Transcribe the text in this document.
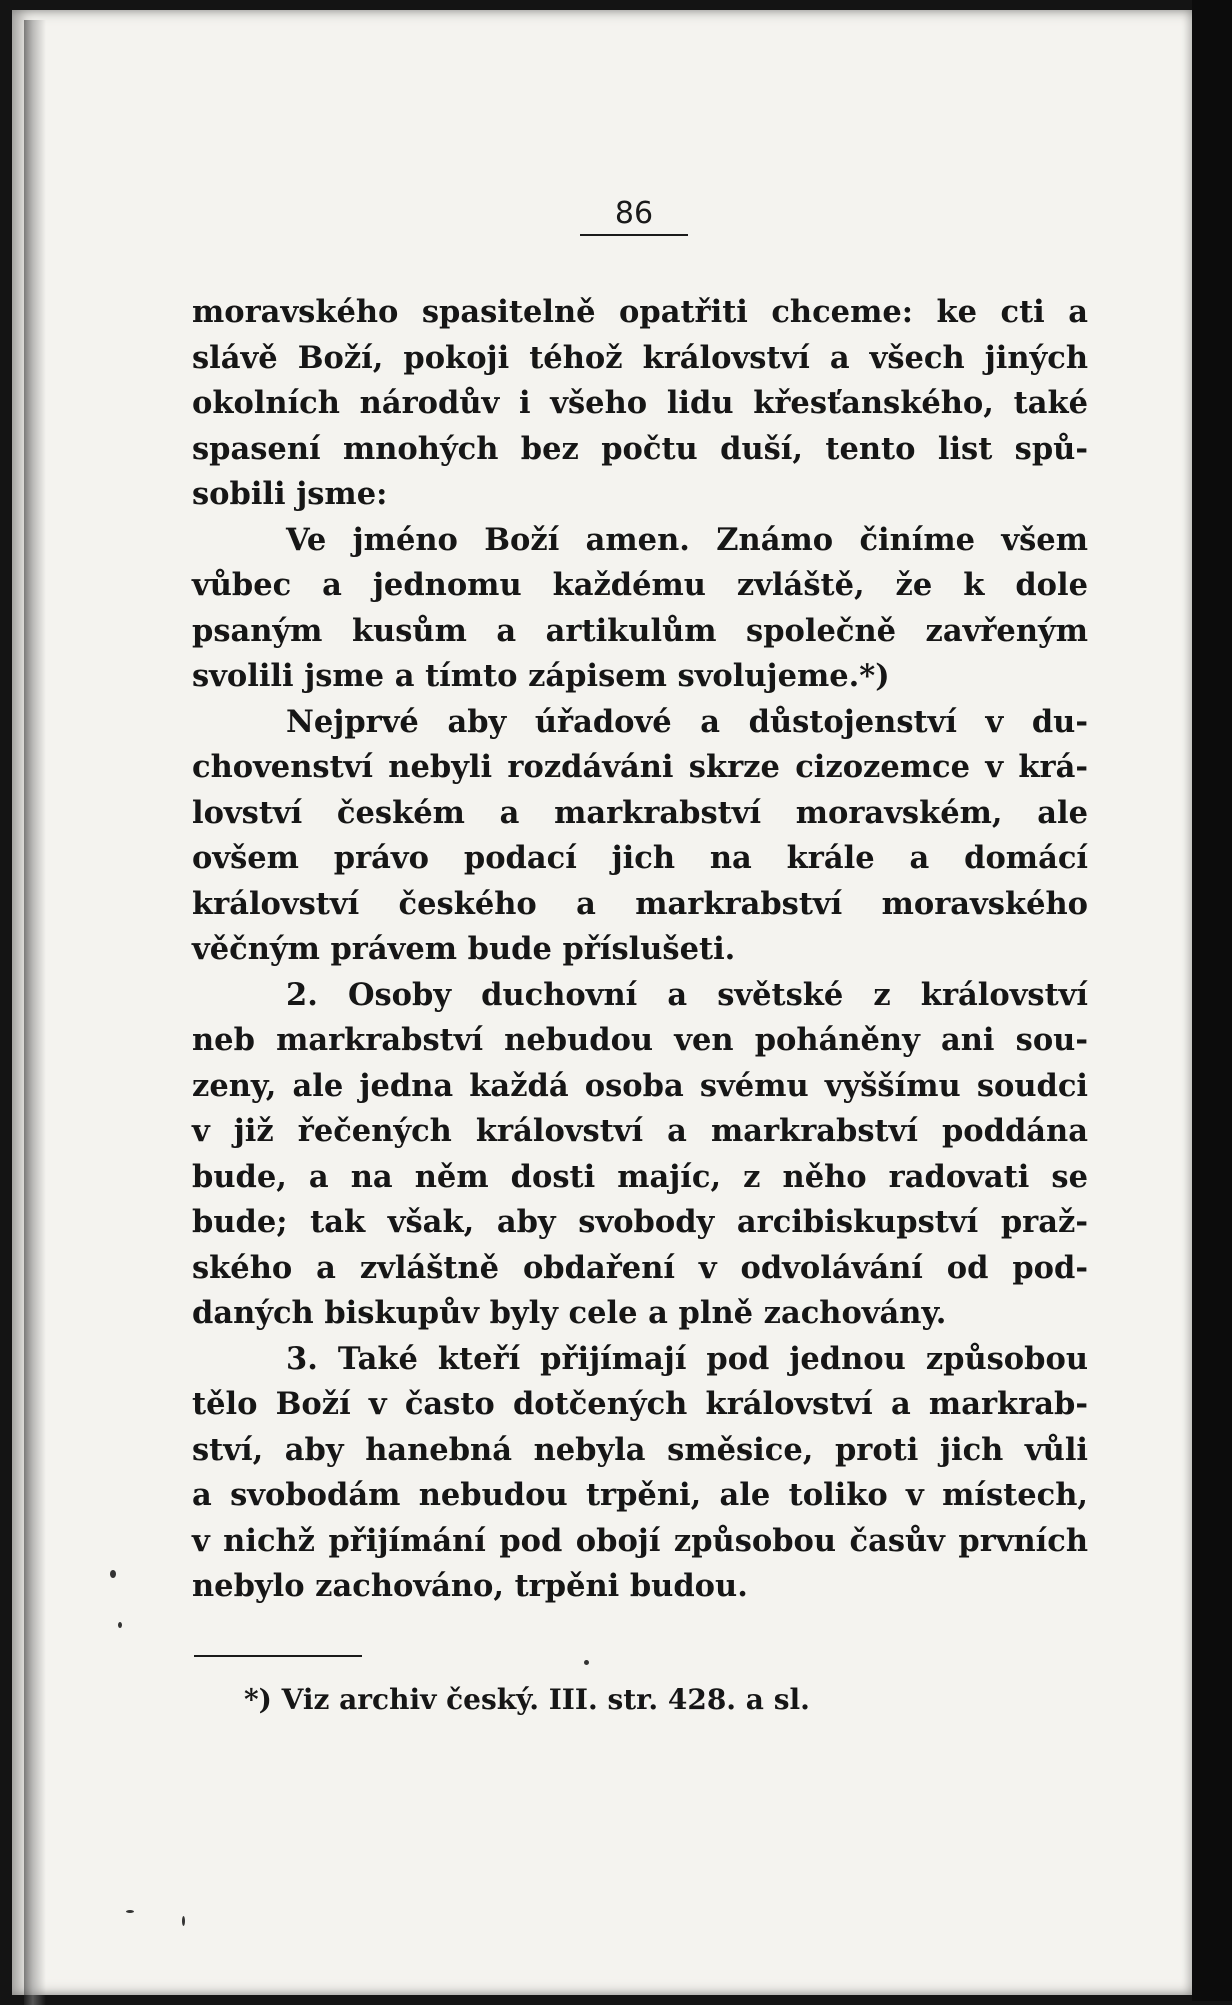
86
moravského spasitelně opatřiti chceme: ke cti a
slávě Boží, pokoji téhož království a všech jiných
okolních národův i všeho lidu křesťanského, také
spasení mnohých bez počtu duší, tento list spů-
sobili jsme:
Ve jméno Boží amen. Známo činíme všem
vůbec a jednomu každému zvláště, že k dole
psaným kusům a artikulům společně zavřeným
svolili jsme a tímto zápisem svolujeme.*)
Nejprvé aby úřadové a důstojenství v du-
chovenství nebyli rozdáváni skrze cizozemce v krá-
lovství českém a markrabství moravském, ale
ovšem právo podací jich na krále a domácí
království českého a markrabství moravského
věčným právem bude příslušeti.
2. Osoby duchovní a světské z království
neb markrabství nebudou ven poháněny ani sou-
zeny, ale jedna každá osoba svému vyššímu soudci
v již řečených království a markrabství poddána
bude, a na něm dosti majíc, z něho radovati se
bude; tak však, aby svobody arcibiskupství praž-
ského a zvláštně obdaření v odvolávání od pod-
daných biskupův byly cele a plně zachovány.
3. Také kteří přijímají pod jednou způsobou
tělo Boží v často dotčených království a markrab-
ství, aby hanebná nebyla směsice, proti jich vůli
a svobodám nebudou trpěni, ale toliko v místech,
v nichž přijímání pod obojí způsobou časův prvních
nebylo zachováno, trpěni budou.
*) Viz archiv český. III. str. 428. a sl.
